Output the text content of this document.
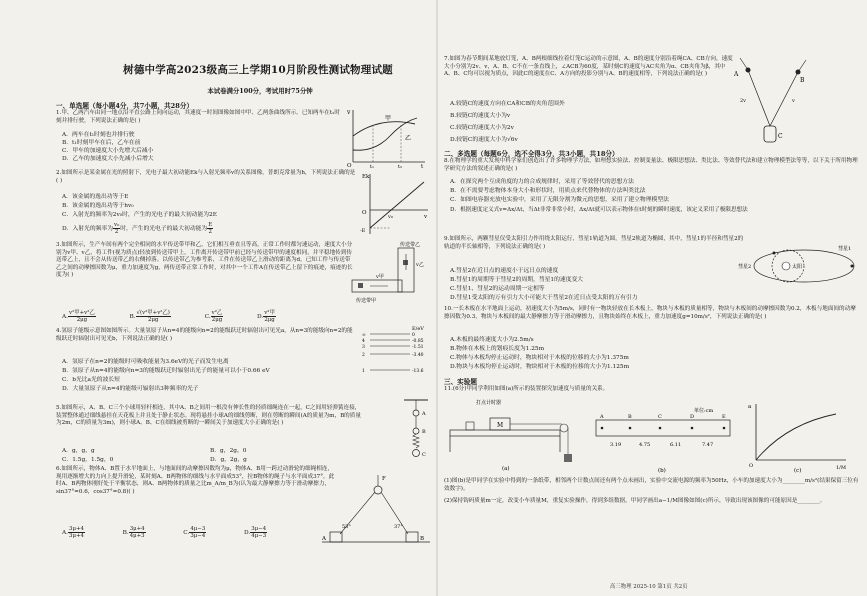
树德中学高2023级高三上学期10月阶段性测试物理试题
本试卷满分100分，考试用时75分钟
一、单选题（每小题4分，共7小题，共28分）
1.甲、乙两汽车由同一地点沿平直公路上同向运动，其速度一时间图像如图中甲、乙两条曲线所示。已知两车在t₂时刻并排行驶，下列说法正确的是( )
A．两车在t₁时刻也并排行驶
B．t₁时刻甲车在后，乙车在前
C．甲车的加速度大小先增大后减小
D．乙车的加速度大小先减小后增大
v
甲
乙
O	t₁	t₂	t
2.如图所示是某金属在光的照射下，光电子最大初动能Ek与入射光频率v的关系图像，普朗克常量为h，下列说法正确的是( )
A．该金属的逸出功等于E
B．该金属的逸出功等于hv₀
C．入射光的频率为2v₀时，产生的光电子的最大初动能为2E
D．入射光的频率为 $\frac{\text{v₀}}{2}$ 时，产生的光电子的最大初动能为 $\frac{E}{2}$
Ek
O
v₀	v
-E
3.如图所示，生产车间有两个完全相同的水平传送带甲和乙，它们相互垂直且等高，正常工作时都匀速运动，速度大小分别为v甲、v乙，将工件(视为质点)轻放到传送带甲上，工件离开传送带甲前已经与传送带甲的速度相同，并平稳地传到传送带乙上，且不会从传送带乙的右侧掉落。以传送带乙为参考系，工件在传送带乙上滑动的距离为d。已知工件与传送带乙之间的动摩擦因数为μ，重力加速度为g，两传送带正常工作时，对其中一个工件A在传送带乙上留下的痕迹，痕迹的长度为( )
A. $\frac{\text{v²甲+v²乙}}{2\mu g}$	B. $\frac{\text{√(v²甲+v²乙)}}{2\mu g}$	C. $\frac{\text{v²乙}}{2\mu g}$	D. $\frac{\text{v²甲}}{2\mu g}$
传送带乙
v乙
v甲
传送带甲
4.氢原子能级示意图如图所示。大量氢原子从n=4的能级向n=2的能级跃迁时辐射出可见光a，从n=3的能级向n=2的能级跃迁时辐射出可见光b，下列说法正确的是( )
A．氢原子在n=2的能级时可吸收能量为3.6eV的光子而发生电离
B．氢原子从n=4的能级向n=3的能级跃迁时辐射出光子的能量可以小于0.66 eV
C．b光比a光的波长短
D．大量氢原子从n=4的能级可辐射出3种频率的光子
E/eV
∞	0
4	-0.85
3	-1.51
2	-3.40
1	-13.6
5.如图所示，A、B、C三个小球用轻杆相连，其中A、B之间用一根没有伸长性的轻质细绳连在一起，C之间用轻弹簧连接，装置整体通过细线悬挂在天花板上并且处于静止状态。现将悬挂小球A的细线剪断，则在剪断的瞬间(A的质量为m，B的质量为2m，C的质量为3m)，则小球A、B、C在细线被剪断的一瞬间关于加速度大小正确的是( )
A．g，g，g	B．g，2g，0
C．1.5g，1.5g，0	D．g，2g，g
A
B
C
6.如图所示，物体A、B置于水平地面上，与地面间的动摩擦因数均为μ，物体A、B用一跨过动滑轮的细绳相连，现用逐渐增大的力向上提升滑轮，某时刻A、B两物体的细线与水平面成53°，拉B物体的绳子与水平面成37°，此时A、B两物体刚好处于平衡状态，则A、B两物体的质量之比m_A/m_B为(认为最大静摩擦力等于滑动摩擦力，sin37°=0.6，cos37°=0.8)( )
A. $\frac{3\mu+4}{3\mu+4}$	B. $\frac{3\mu+4}{4\mu+3}$	C. $\frac{4\mu-3}{3\mu-4}$	D. $\frac{3\mu-4}{4\mu-3}$
F
53°	37°
A	B
7.如图为春节期间某地放灯笼，A、B两根细线拉着灯笼C运动的示意图，A、B的速度分别沿着绳CA、CB方向，速度大小分别为2v、v，A、B、C不在一条直线上，∠ACB为60度，某时刻C的速度与AC夹角为α、CB夹角为β，其中A、B、C均可以视为质点，因此C的速度在C、A方向的投影分别与A、B的速度相等，下列说法正确的是( )
A.较链C的速度方向在CA和CB的夹角范围外
B.较链C的速度大小为v
C.较链C的速度大小为2v
D.较链C的速度大小为√6v
A
B
C
2v	v
二、多选题（每题6分，选不全得3分，共3小题，共18分）
8.在物理学的重大发现中科学家们创造出了许多物理学方法，如理想实验法、控制变量法、极限思想法、类比法、等效替代法和建立物理模型法等等，以下关于所用物理学研究方法的叙述正确的是( )
A．在探究两个互成角度的力的合成规律时，采用了等效替代的思想方法
B．在不需要考虑物体本身大小和形状时，用质点来代替物体的方法叫类比法
C．如图电容器充放电实验中，采用了无限分割为微元的思想，采用了建立物理模型法
D．根据速度定义式v=Δx/Δt，当Δt非常非常小时，Δx/Δt就可以表示物体在t时刻的瞬时速度，该定义采用了极限思想法
9.如图所示，两颗彗星仅受太阳引力作用绕太阳运行，彗星1轨道为圆，彗星2轨道为椭圆，其中，彗星1的半径和彗星2的轨道的半长轴相等，下列说法正确的是( )
A.彗星2在近日点的速度小于远日点的速度
B.彗星1的周期等于彗星2的周期，彗星1的速度变大
C.彗星1、彗星2的运动周期一定相等
D.彗星1受太阳的万有引力大小可能大于彗星2在近日点受太阳的万有引力
彗星2	太阳
彗星1
10.一长木板在水平地面上运动，初速度大小为5m/s，同时有一物块轻放在长木板上，物块与木板的质量相等，物块与木板间的动摩擦因数为0.2，木板与地面间的动摩擦因数为0.3，物块与木板间的最大静摩擦力等于滑动摩擦力，且物块始终在木板上，重力加速度g=10m/s²，下列说法正确的是( )
A.木板的最终速度大小为2.5m/s
B.物体在木板上的划痕长度为1.25m
C.物体与木板均停止运动时，物块相对于木板的位移的大小为1.375m
D.物块与木板均停止运动时，物块相对于木板的位移的大小为1.125m
三、实验题
11.(6分)甲同学利用如图(a)所示的装置探究加速度与质量的关系。
打点计时器
M
(a)
单位:cm
A	B	C	D	E
3.19	4.75	6.11	7.47
(b)
a
O	1/M
(c)
(1)图(b)是甲同学在实验中得到的一条纸带，相邻两个计数点间还有两个点未画出，实验中交流电源的频率为50Hz，小车的加速度大小为________m/s²(结果保留三位有效数字)。
(2)保持钩码质量m一定，改变小车质量M，重复实验操作，得到多组数据，甲同学画出a−1/M图像如图(c)所示，导致出现该图像的可能原因是________。
高三物理 2025-10 第1页 共2页
